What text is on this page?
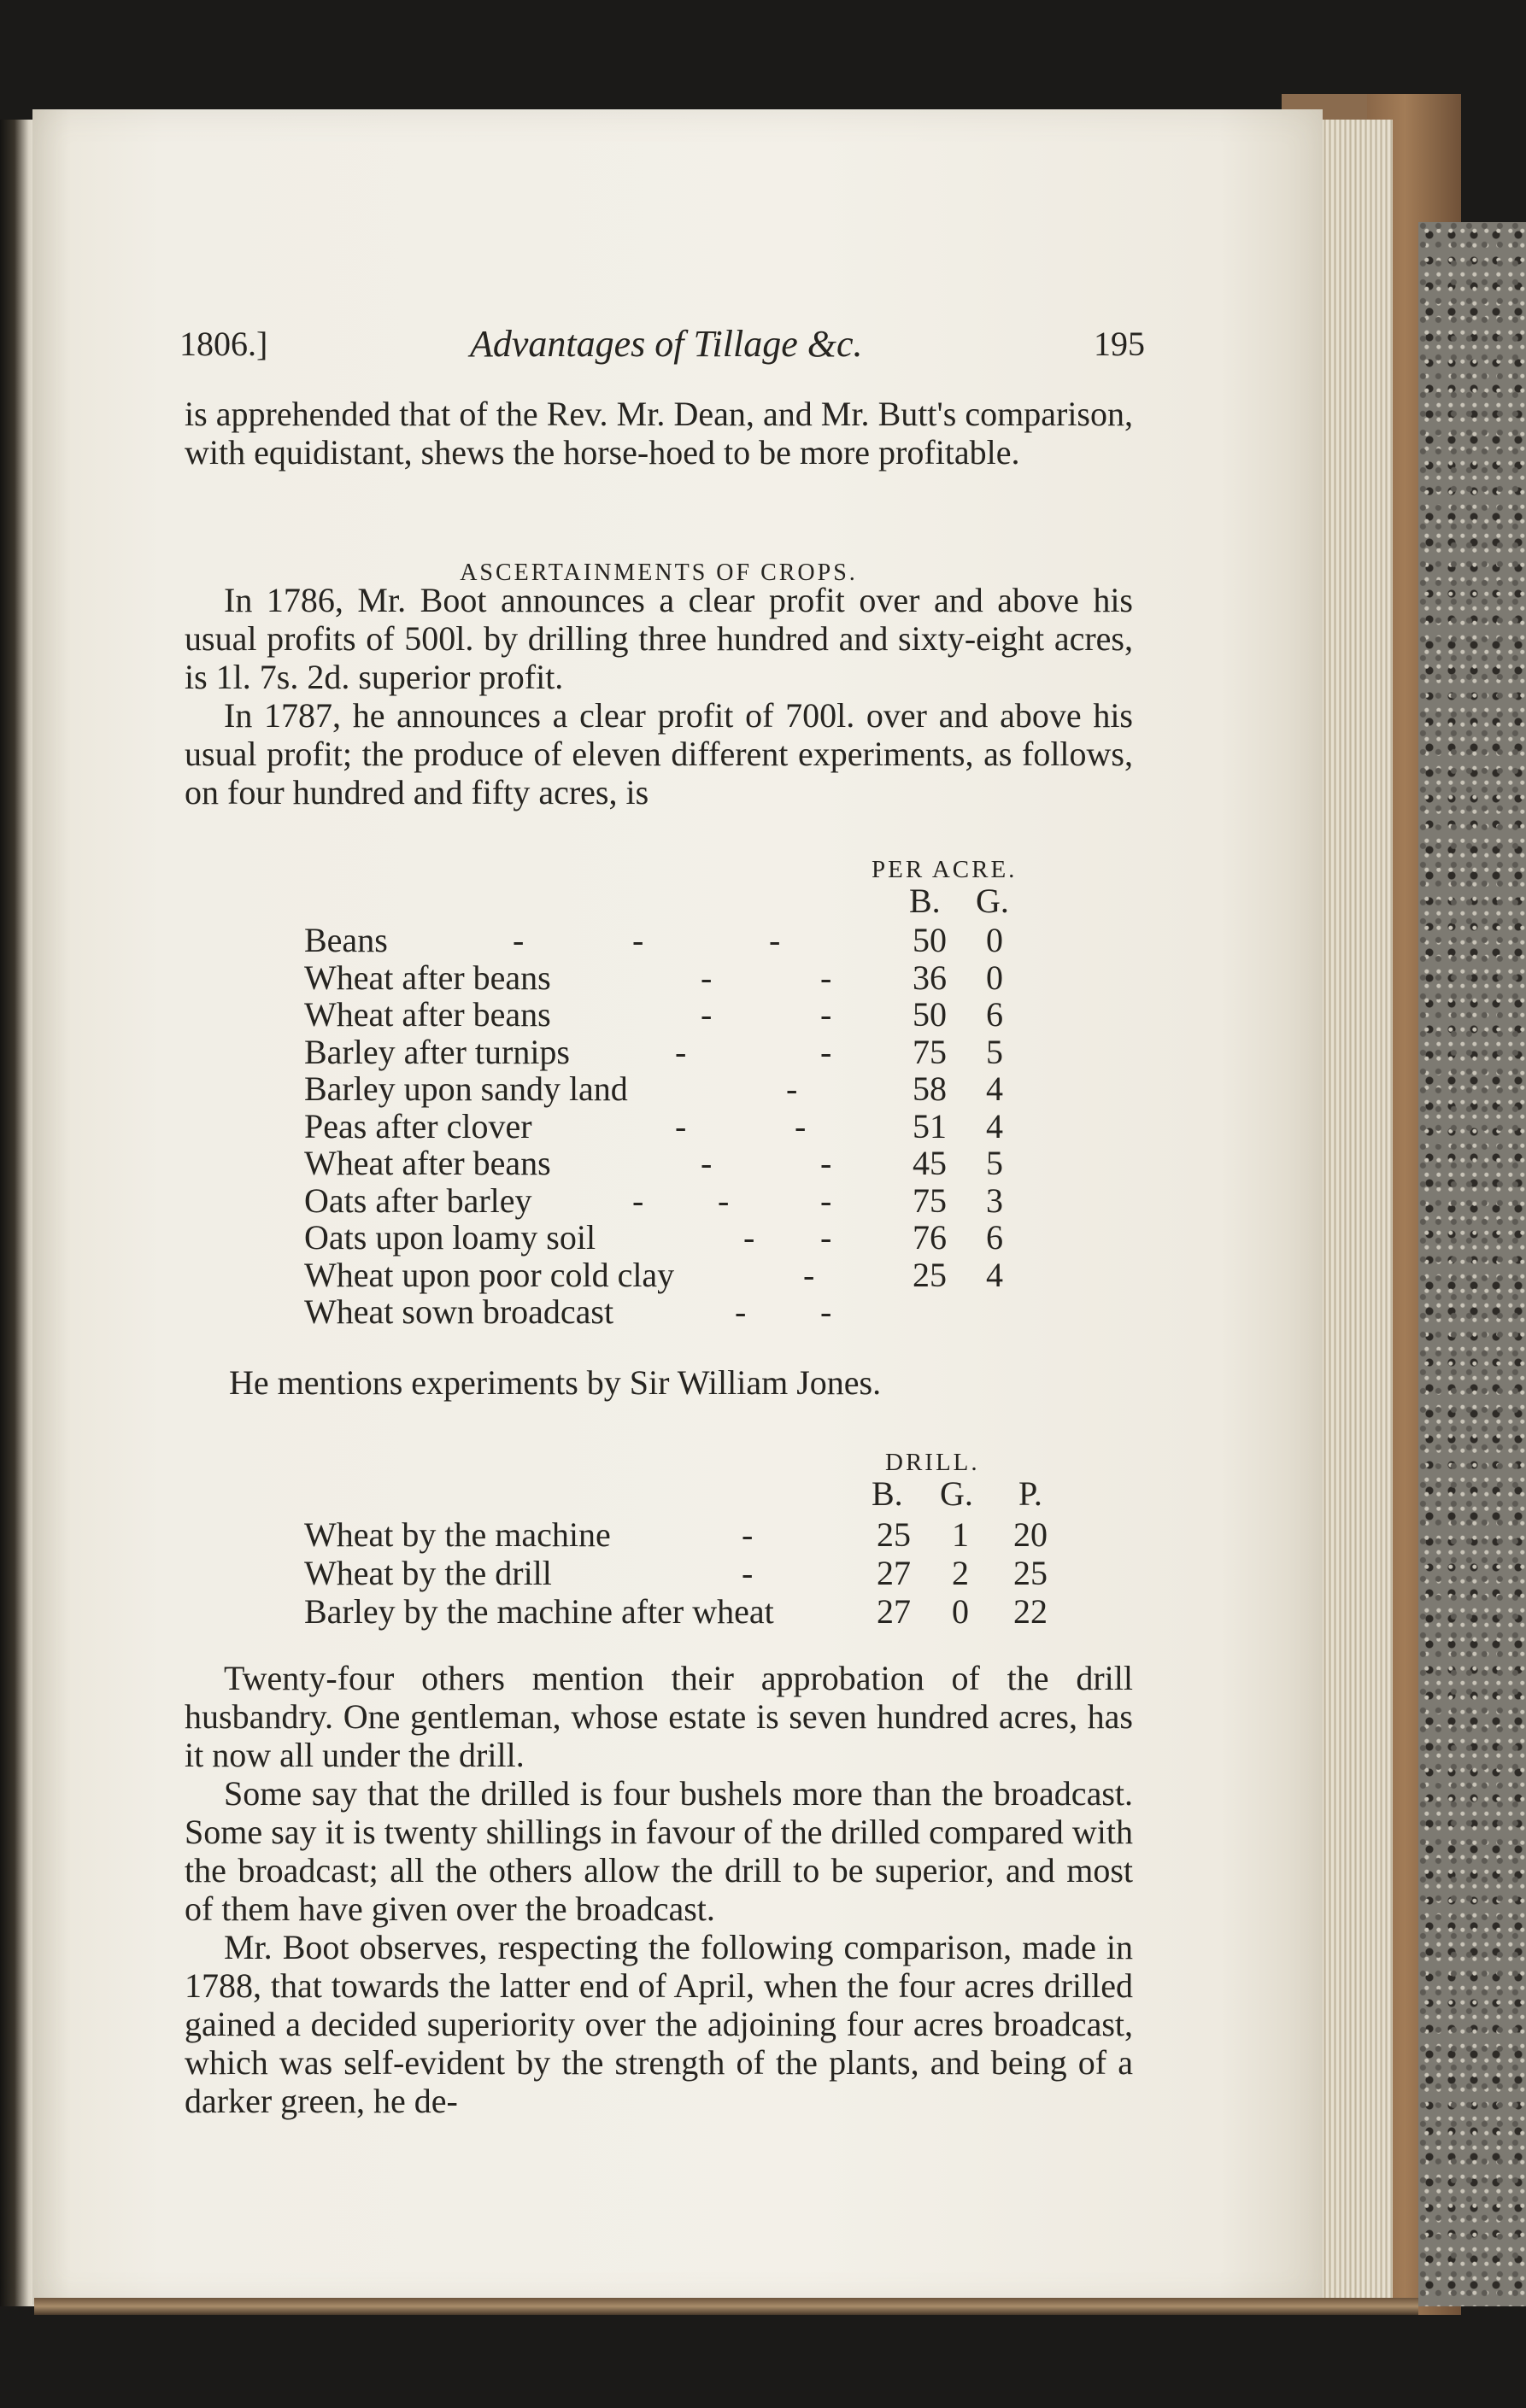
1806.]	Advantages of Tillage &c.	195

is apprehended that of the Rev. Mr. Dean, and Mr. Butt's comparison, with equidistant, shews the horse-hoed to be more profitable.

ASCERTAINMENTS OF CROPS.

In 1786, Mr. Boot announces a clear profit over and above his usual profits of 500l. by drilling three hundred and sixty-eight acres, is 1l. 7s. 2d. superior profit.

In 1787, he announces a clear profit of 700l. over and above his usual profit; the produce of eleven different experiments, as follows, on four hundred and fifty acres, is

PER ACRE.
B. G.
Beans	-	-	-	50	0
Wheat after beans	-	- 36	0
Wheat after beans	-	- 50	6
Barley after turnips	-	- 75	5
Barley upon sandy land	-	58	4
Peas after clover	-	-	51	4
Wheat after beans	-	- 45	5
Oats after barley	- -	- 75	3
Oats upon loamy soil	- - 76	6
Wheat upon poor cold clay	-	25	4
Wheat sown broadcast	- -
He mentions experiments by Sir William Jones.
DRILL.
B. G. P.
Wheat by the machine	-	25	1	20
Wheat by the drill	-	27	2	25
Barley by the machine after wheat	27	0	22

Twenty-four others mention their approbation of the drill husbandry. One gentleman, whose estate is seven hundred acres, has it now all under the drill.

Some say that the drilled is four bushels more than the broadcast. Some say it is twenty shillings in favour of the drilled compared with the broadcast; all the others allow the drill to be superior, and most of them have given over the broadcast.

Mr. Boot observes, respecting the following comparison, made in 1788, that towards the latter end of April, when the four acres drilled gained a decided superiority over the adjoining four acres broadcast, which was self-evident by the strength of the plants, and being of a darker green, he de-
